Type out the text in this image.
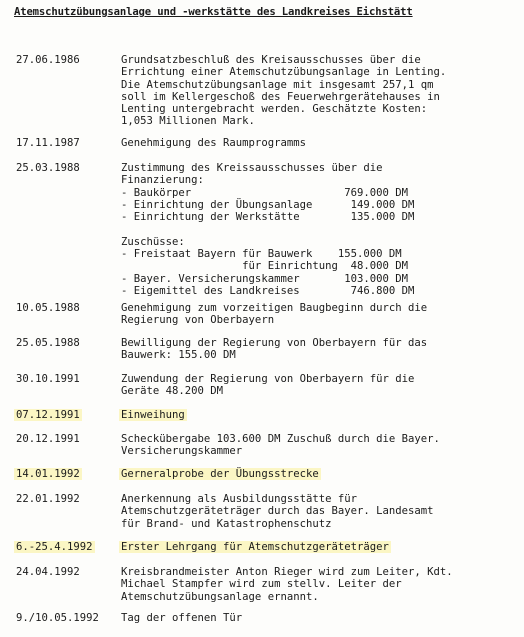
Atemschutzübungsanlage und -werkstätte des Landkreises Eichstätt
27.06.1986	Grundsatzbeschluß des Kreisausschusses über die
Errichtung einer Atemschutzübungsanlage in Lenting.
Die Atemschutzübungsanlage mit insgesamt 257,1 qm
soll im Kellergeschoß des Feuerwehrgerätehauses in
Lenting untergebracht werden. Geschätzte Kosten:
1,053 Millionen Mark.
17.11.1987	Genehmigung des Raumprogramms
25.03.1988	Zustimmung des Kreissausschusses über die
Finanzierung:
- Baukörper                        769.000 DM
- Einrichtung der Übungsanlage      149.000 DM
- Einrichtung der Werkstätte        135.000 DM

Zuschüsse:
- Freistaat Bayern für Bauwerk    155.000 DM
für Einrichtung  48.000 DM
- Bayer. Versicherungskammer       103.000 DM
- Eigemittel des Landkreises        746.800 DM
10.05.1988	Genehmigung zum vorzeitigen Baugbeginn durch die
Regierung von Oberbayern
25.05.1988	Bewilligung der Regierung von Oberbayern für das
Bauwerk: 155.00 DM
30.10.1991	Zuwendung der Regierung von Oberbayern für die
Geräte 48.200 DM
07.12.1991	Einweihung
20.12.1991	Scheckübergabe 103.600 DM Zuschuß durch die Bayer.
Versicherungskammer
14.01.1992	Gerneralprobe der Übungsstrecke
22.01.1992	Anerkennung als Ausbildungsstätte für
Atemschutzgeräteträger durch das Bayer. Landesamt
für Brand- und Katastrophenschutz
6.-25.4.1992	Erster Lehrgang für Atemschutzgeräteträger
24.04.1992	Kreisbrandmeister Anton Rieger wird zum Leiter, Kdt.
Michael Stampfer wird zum stellv. Leiter der
Atemschutzübungsanlage ernannt.
9./10.05.1992 Tag der offenen Tür
